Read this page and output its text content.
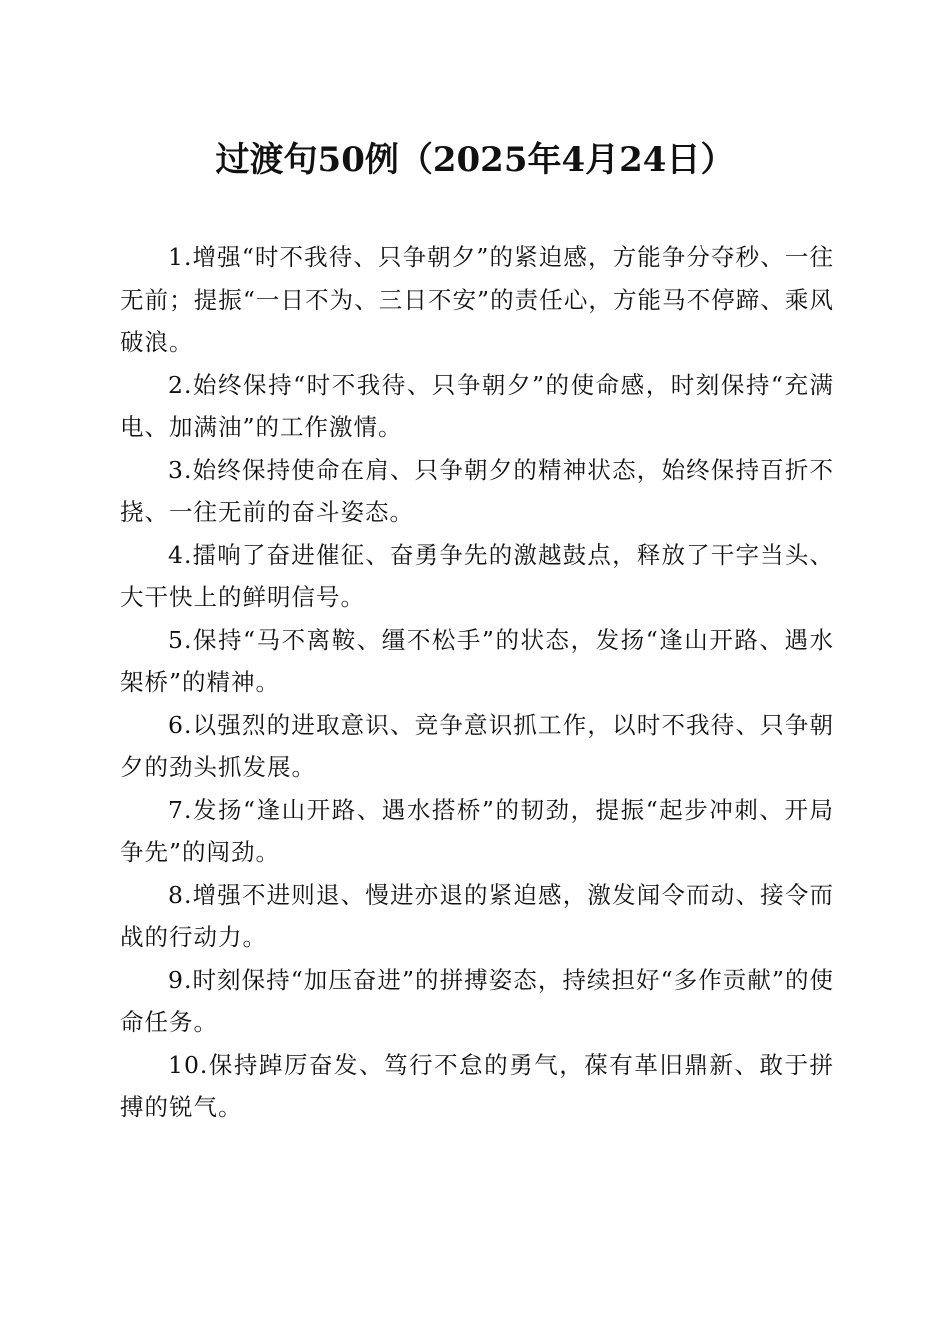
过渡句50例（2025年4月24日）

1.增强“时不我待、只争朝夕”的紧迫感，方能争分夺秒、一往无前；提振“一日不为、三日不安”的责任心，方能马不停蹄、乘风破浪。

2.始终保持“时不我待、只争朝夕”的使命感，时刻保持“充满电、加满油”的工作激情。

3.始终保持使命在肩、只争朝夕的精神状态，始终保持百折不挠、一往无前的奋斗姿态。

4.擂响了奋进催征、奋勇争先的激越鼓点，释放了干字当头、大干快上的鲜明信号。

5.保持“马不离鞍、缰不松手”的状态，发扬“逢山开路、遇水架桥”的精神。

6.以强烈的进取意识、竞争意识抓工作，以时不我待、只争朝夕的劲头抓发展。

7.发扬“逢山开路、遇水搭桥”的韧劲，提振“起步冲刺、开局争先”的闯劲。

8.增强不进则退、慢进亦退的紧迫感，激发闻令而动、接令而战的行动力。

9.时刻保持“加压奋进”的拼搏姿态，持续担好“多作贡献”的使命任务。

10.保持踔厉奋发、笃行不怠的勇气，葆有革旧鼎新、敢于拼搏的锐气。
